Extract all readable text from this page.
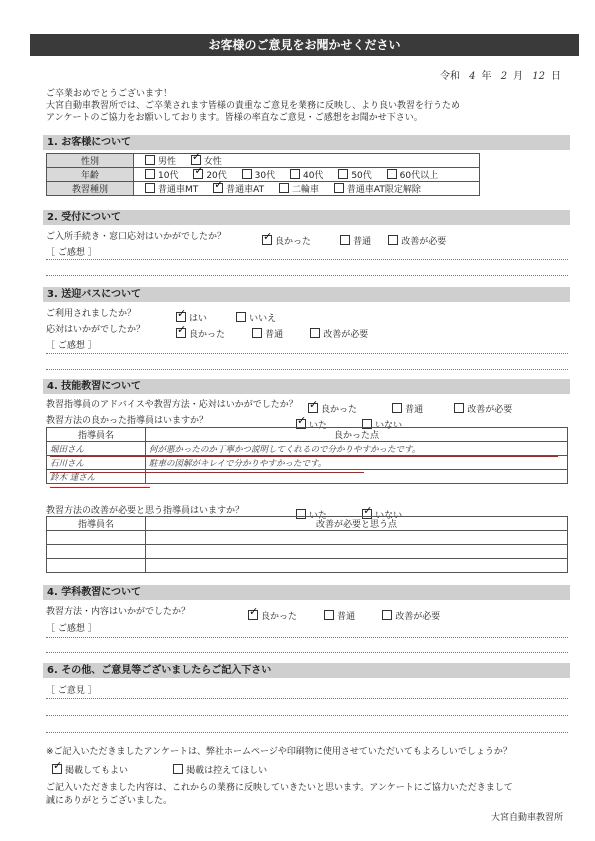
お客様のご意見をお聞かせください
令和 4 年 2 月 12 日
ご卒業おめでとうございます！
大宮自動車教習所では、ご卒業されます皆様の貴重なご意見を業務に反映し、より良い教習を行うため
アンケートのご協力をお願いしております。皆様の率直なご意見・ご感想をお聞かせ下さい。
1. お客様について
性別	男性 ✓ 女性
年齢	10代 ✓ 20代 30代 40代 50代 60代以上
教習種別	普通車MT ✓ 普通車AT 二輪車 普通車AT限定解除
2. 受付について
ご入所手続き・窓口応対はいかがでしたか？ ✓	良かった	普通	改善が必要
［ ご感想 ］
3. 送迎バスについて
ご利用されましたか？ ✓	はい	いいえ
応対はいかがでしたか？ ✓	良かった	普通	改善が必要
［ ご感想 ］
4. 技能教習について
教習指導員のアドバイスや教習方法・応対はいかがでしたか？ ✓	良かった	普通	改善が必要
教習方法の良かった指導員はいますか？ ✓	いた	いない
指導員名	良かった点
堀田さん	何が悪かったのか丁寧かつ説明してくれるので分かりやすかったです。
石川さん	駐車の図解がキレイで分かりやすかったです。
鈴木 達さん	
教習方法の改善が必要と思う指導員はいますか？	いた ✓	いない
指導員名	改善が必要と思う点

4. 学科教習について
教習方法・内容はいかがでしたか？ ✓	良かった	普通	改善が必要
［ ご感想 ］
6. その他、ご意見等ございましたらご記入下さい
［ ご意見 ］
※ご記入いただきましたアンケートは、弊社ホームページや印刷物に使用させていただいてもよろしいでしょうか？
✓掲載してもよい	掲載は控えてほしい
ご記入いただきました内容は、これからの業務に反映していきたいと思います。アンケートにご協力いただきまして
誠にありがとうございました。
大宮自動車教習所
